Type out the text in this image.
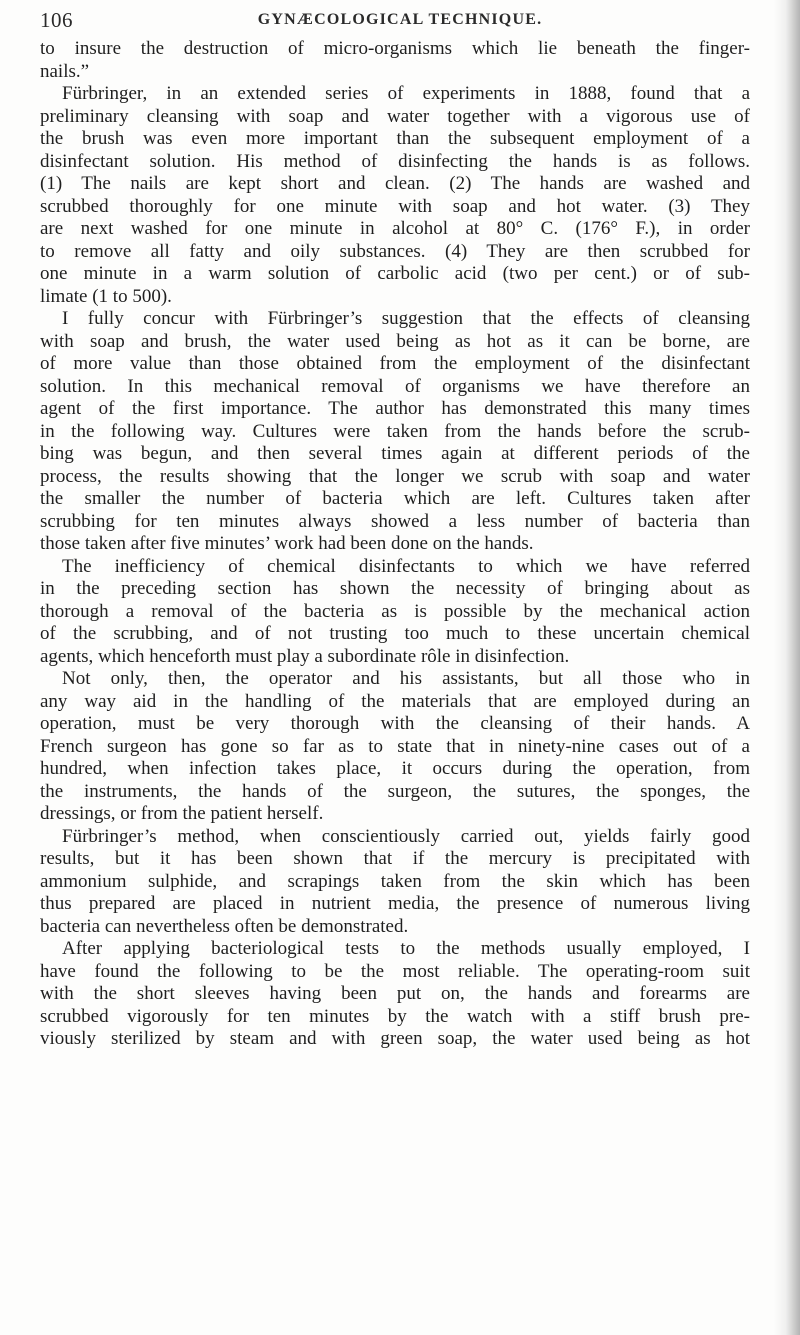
106	GYNÆCOLOGICAL TECHNIQUE.
to insure the destruction of micro-organisms which lie beneath the finger-
nails.”
Fürbringer, in an extended series of experiments in 1888, found that a
preliminary cleansing with soap and water together with a vigorous use of
the brush was even more important than the subsequent employment of a
disinfectant solution. His method of disinfecting the hands is as follows.
(1) The nails are kept short and clean. (2) The hands are washed and
scrubbed thoroughly for one minute with soap and hot water. (3) They
are next washed for one minute in alcohol at 80° C. (176° F.), in order
to remove all fatty and oily substances. (4) They are then scrubbed for
one minute in a warm solution of carbolic acid (two per cent.) or of sub-
limate (1 to 500).
I fully concur with Fürbringer’s suggestion that the effects of cleansing
with soap and brush, the water used being as hot as it can be borne, are
of more value than those obtained from the employment of the disinfectant
solution. In this mechanical removal of organisms we have therefore an
agent of the first importance. The author has demonstrated this many times
in the following way. Cultures were taken from the hands before the scrub-
bing was begun, and then several times again at different periods of the
process, the results showing that the longer we scrub with soap and water
the smaller the number of bacteria which are left. Cultures taken after
scrubbing for ten minutes always showed a less number of bacteria than
those taken after five minutes’ work had been done on the hands.
The inefficiency of chemical disinfectants to which we have referred
in the preceding section has shown the necessity of bringing about as
thorough a removal of the bacteria as is possible by the mechanical action
of the scrubbing, and of not trusting too much to these uncertain chemical
agents, which henceforth must play a subordinate rôle in disinfection.
Not only, then, the operator and his assistants, but all those who in
any way aid in the handling of the materials that are employed during an
operation, must be very thorough with the cleansing of their hands. A
French surgeon has gone so far as to state that in ninety-nine cases out of a
hundred, when infection takes place, it occurs during the operation, from
the instruments, the hands of the surgeon, the sutures, the sponges, the
dressings, or from the patient herself.
Fürbringer’s method, when conscientiously carried out, yields fairly good
results, but it has been shown that if the mercury is precipitated with
ammonium sulphide, and scrapings taken from the skin which has been
thus prepared are placed in nutrient media, the presence of numerous living
bacteria can nevertheless often be demonstrated.
After applying bacteriological tests to the methods usually employed, I
have found the following to be the most reliable. The operating-room suit
with the short sleeves having been put on, the hands and forearms are
scrubbed vigorously for ten minutes by the watch with a stiff brush pre-
viously sterilized by steam and with green soap, the water used being as hot
